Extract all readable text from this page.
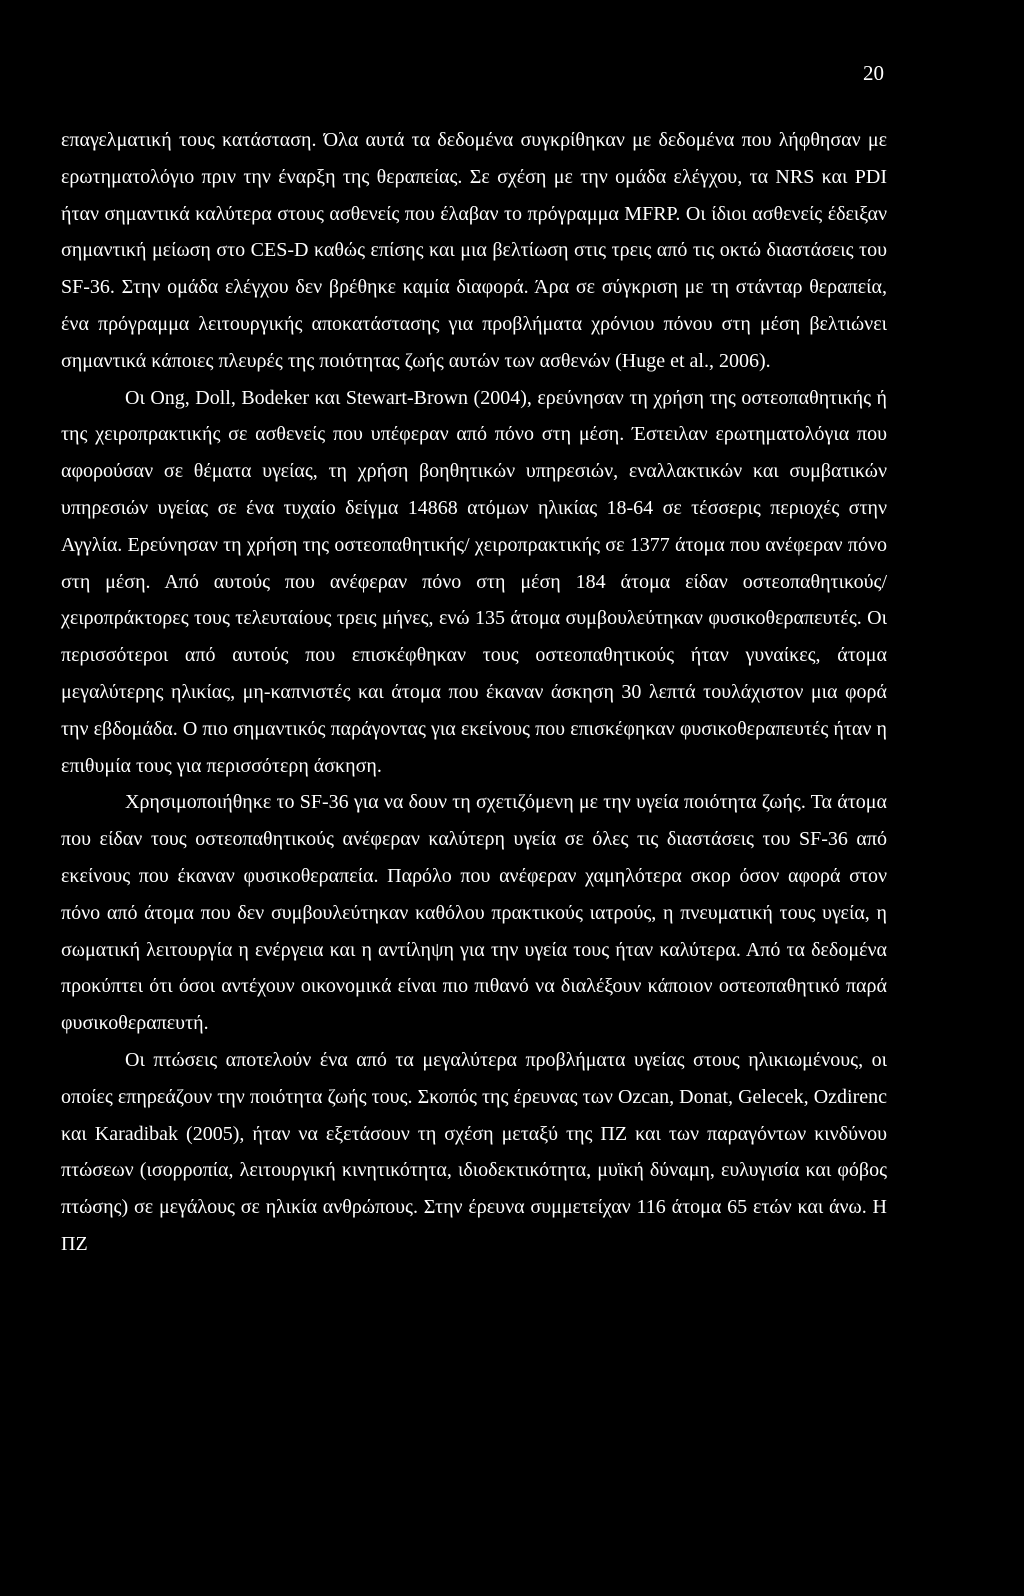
20

επαγελματική τους κατάσταση. Όλα αυτά τα δεδομένα συγκρίθηκαν με δεδομένα που λήφθησαν με ερωτηματολόγιο πριν την έναρξη της θεραπείας. Σε σχέση με την ομάδα ελέγχου, τα NRS και PDI ήταν σημαντικά καλύτερα στους ασθενείς που έλαβαν το πρόγραμμα MFRP. Οι ίδιοι ασθενείς έδειξαν σημαντική μείωση στο CES-D καθώς επίσης και μια βελτίωση στις τρεις από τις οκτώ διαστάσεις του SF-36. Στην ομάδα ελέγχου δεν βρέθηκε καμία διαφορά. Άρα σε σύγκριση με τη στάνταρ θεραπεία, ένα πρόγραμμα λειτουργικής αποκατάστασης για προβλήματα χρόνιου πόνου στη μέση βελτιώνει σημαντικά κάποιες πλευρές της ποιότητας ζωής αυτών των ασθενών (Huge et al., 2006).

Οι Ong, Doll, Bodeker και Stewart-Brown (2004), ερεύνησαν τη χρήση της οστεοπαθητικής ή της χειροπρακτικής σε ασθενείς που υπέφεραν από πόνο στη μέση. Έστειλαν ερωτηματολόγια που αφορούσαν σε θέματα υγείας, τη χρήση βοηθητικών υπηρεσιών, εναλλακτικών και συμβατικών υπηρεσιών υγείας σε ένα τυχαίο δείγμα 14868 ατόμων ηλικίας 18-64 σε τέσσερις περιοχές στην Αγγλία. Ερεύνησαν τη χρήση της οστεοπαθητικής/ χειροπρακτικής σε 1377 άτομα που ανέφεραν πόνο στη μέση. Από αυτούς που ανέφεραν πόνο στη μέση 184 άτομα είδαν οστεοπαθητικούς/ χειροπράκτορες τους τελευταίους τρεις μήνες, ενώ 135 άτομα συμβουλεύτηκαν φυσικοθεραπευτές. Οι περισσότεροι από αυτούς που επισκέφθηκαν τους οστεοπαθητικούς ήταν γυναίκες, άτομα μεγαλύτερης ηλικίας, μη-καπνιστές και άτομα που έκαναν άσκηση 30 λεπτά τουλάχιστον μια φορά την εβδομάδα. Ο πιο σημαντικός παράγοντας για εκείνους που επισκέφηκαν φυσικοθεραπευτές ήταν η επιθυμία τους για περισσότερη άσκηση.

Χρησιμοποιήθηκε το SF-36 για να δουν τη σχετιζόμενη με την υγεία ποιότητα ζωής. Τα άτομα που είδαν τους οστεοπαθητικούς ανέφεραν καλύτερη υγεία σε όλες τις διαστάσεις του SF-36 από εκείνους που έκαναν φυσικοθεραπεία. Παρόλο που ανέφεραν χαμηλότερα σκορ όσον αφορά στον πόνο από άτομα που δεν συμβουλεύτηκαν καθόλου πρακτικούς ιατρούς, η πνευματική τους υγεία, η σωματική λειτουργία η ενέργεια και η αντίληψη για την υγεία τους ήταν καλύτερα. Από τα δεδομένα προκύπτει ότι όσοι αντέχουν οικονομικά είναι πιο πιθανό να διαλέξουν κάποιον οστεοπαθητικό παρά φυσικοθεραπευτή.

Οι πτώσεις αποτελούν ένα από τα μεγαλύτερα προβλήματα υγείας στους ηλικιωμένους, οι οποίες επηρεάζουν την ποιότητα ζωής τους. Σκοπός της έρευνας των Ozcan, Donat, Gelecek, Ozdirenc και Karadibak (2005), ήταν να εξετάσουν τη σχέση μεταξύ της ΠΖ και των παραγόντων κινδύνου πτώσεων (ισορροπία, λειτουργική κινητικότητα, ιδιοδεκτικότητα, μυϊκή δύναμη, ευλυγισία και φόβος πτώσης) σε μεγάλους σε ηλικία ανθρώπους. Στην έρευνα συμμετείχαν 116 άτομα 65 ετών και άνω. Η ΠΖ
